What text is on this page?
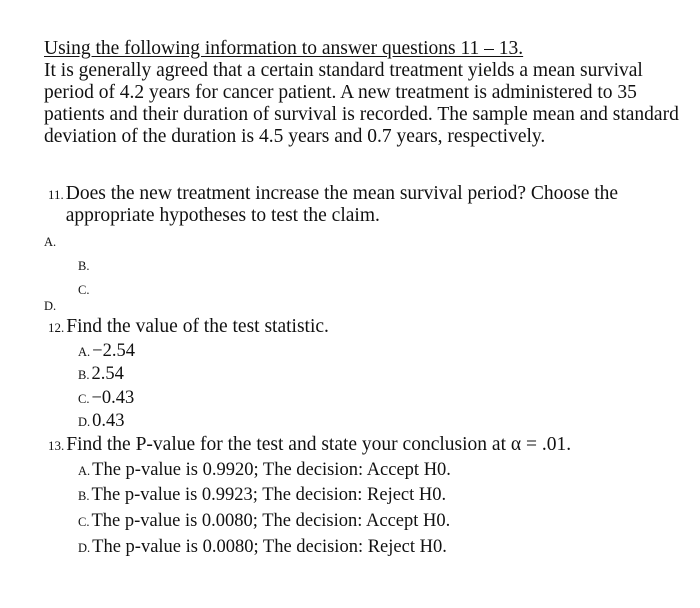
Using the following information to answer questions 11 – 13.
It is generally agreed that a certain standard treatment yields a mean survival period of 4.2 years for cancer patient. A new treatment is administered to 35 patients and their duration of survival is recorded. The sample mean and standard deviation of the duration is 4.5 years and 0.7 years, respectively.
11. Does the new treatment increase the mean survival period? Choose the appropriate hypotheses to test the claim.
A.
B.
C.
D.
12. Find the value of the test statistic.
A. −2.54
B. 2.54
C. −0.43
D. 0.43
13. Find the P-value for the test and state your conclusion at α = .01.
A. The p-value is 0.9920; The decision: Accept H0.
B. The p-value is 0.9923; The decision: Reject H0.
C. The p-value is 0.0080; The decision: Accept H0.
D. The p-value is 0.0080; The decision: Reject H0.
